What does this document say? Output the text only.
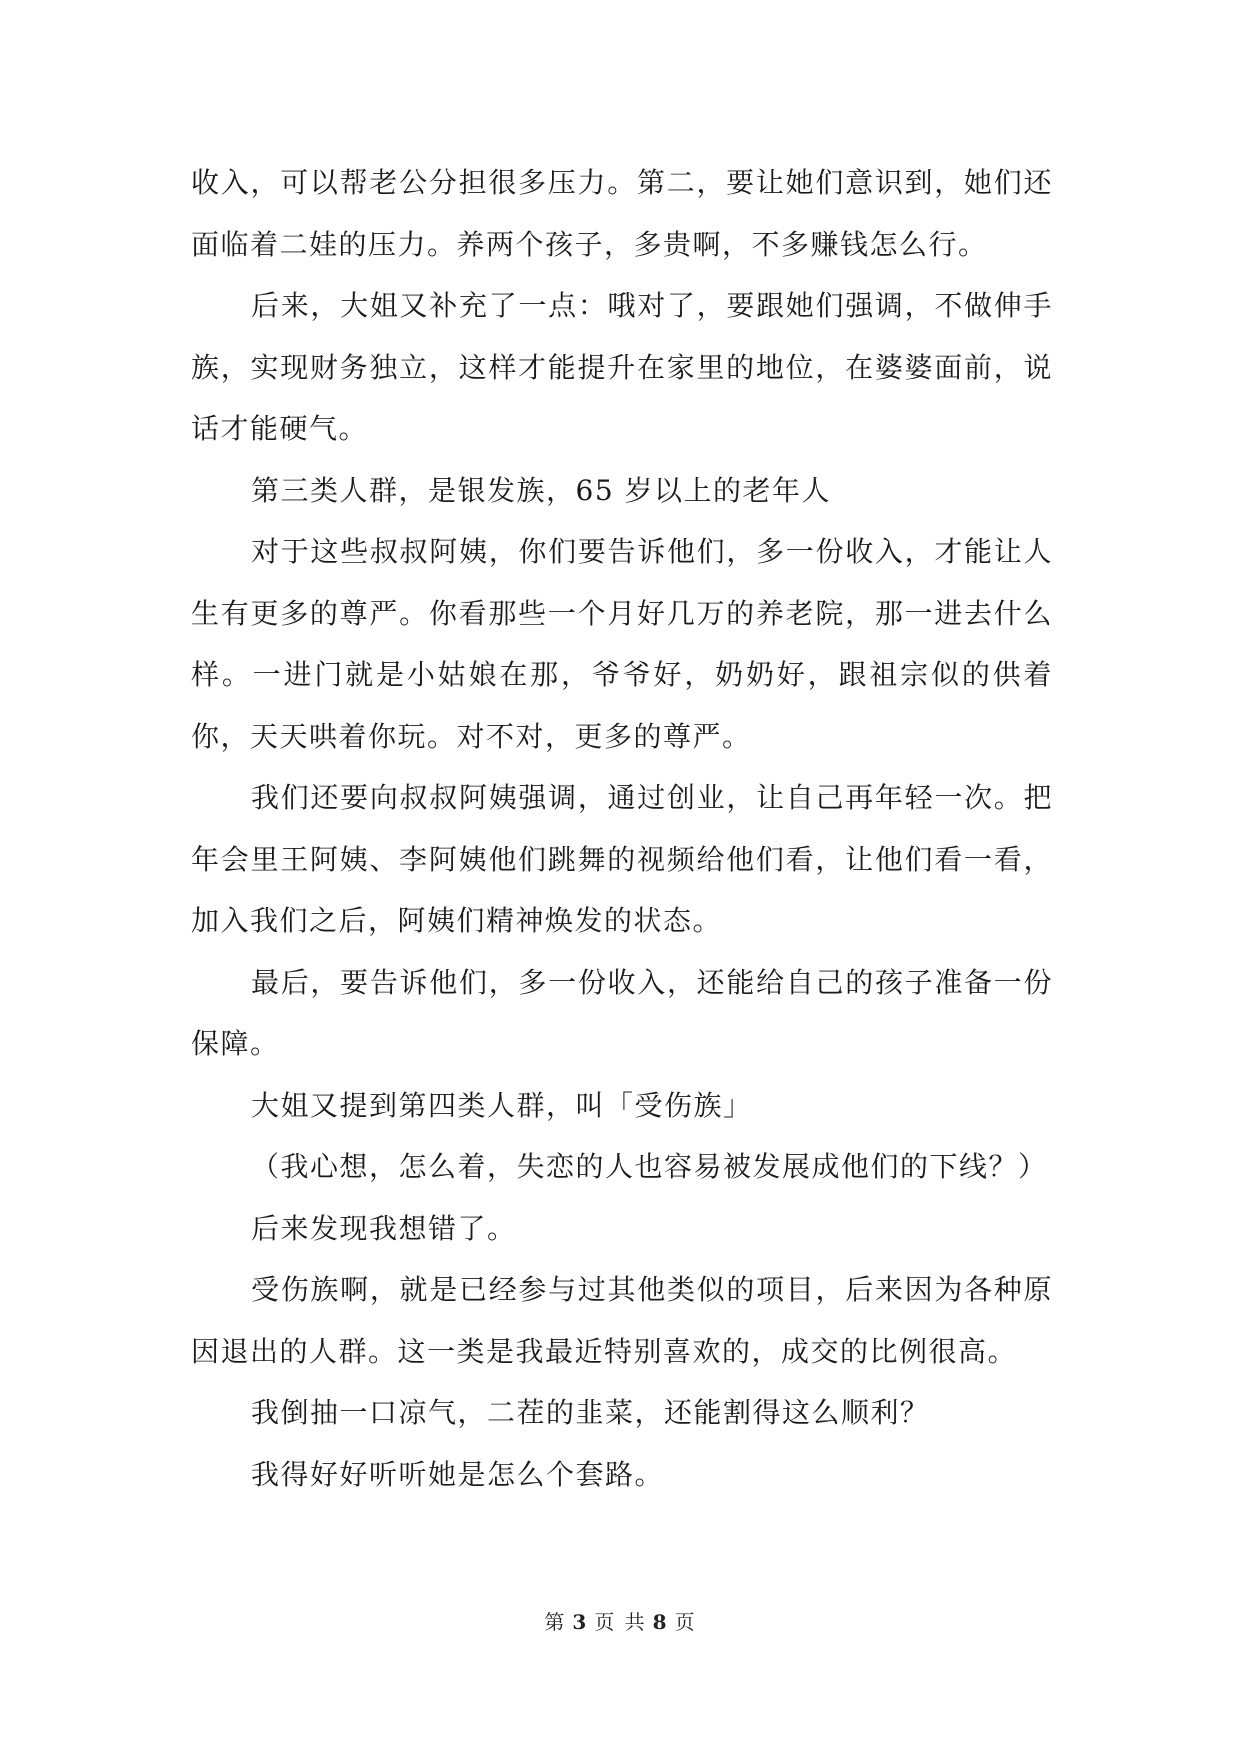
收入，可以帮老公分担很多压力。第二，要让她们意识到，她们还面临着二娃的压力。养两个孩子，多贵啊，不多赚钱怎么行。

后来，大姐又补充了一点：哦对了，要跟她们强调，不做伸手族，实现财务独立，这样才能提升在家里的地位，在婆婆面前，说话才能硬气。

第三类人群，是银发族，65 岁以上的老年人

对于这些叔叔阿姨，你们要告诉他们，多一份收入，才能让人生有更多的尊严。你看那些一个月好几万的养老院，那一进去什么样。一进门就是小姑娘在那，爷爷好，奶奶好，跟祖宗似的供着你，天天哄着你玩。对不对，更多的尊严。

我们还要向叔叔阿姨强调，通过创业，让自己再年轻一次。把年会里王阿姨、李阿姨他们跳舞的视频给他们看，让他们看一看，加入我们之后，阿姨们精神焕发的状态。

最后，要告诉他们，多一份收入，还能给自己的孩子准备一份保障。

大姐又提到第四类人群，叫「受伤族」

（我心想，怎么着，失恋的人也容易被发展成他们的下线？）

后来发现我想错了。

受伤族啊，就是已经参与过其他类似的项目，后来因为各种原因退出的人群。这一类是我最近特别喜欢的，成交的比例很高。

我倒抽一口凉气，二茬的韭菜，还能割得这么顺利？

我得好好听听她是怎么个套路。

第 3 页 共 8 页
